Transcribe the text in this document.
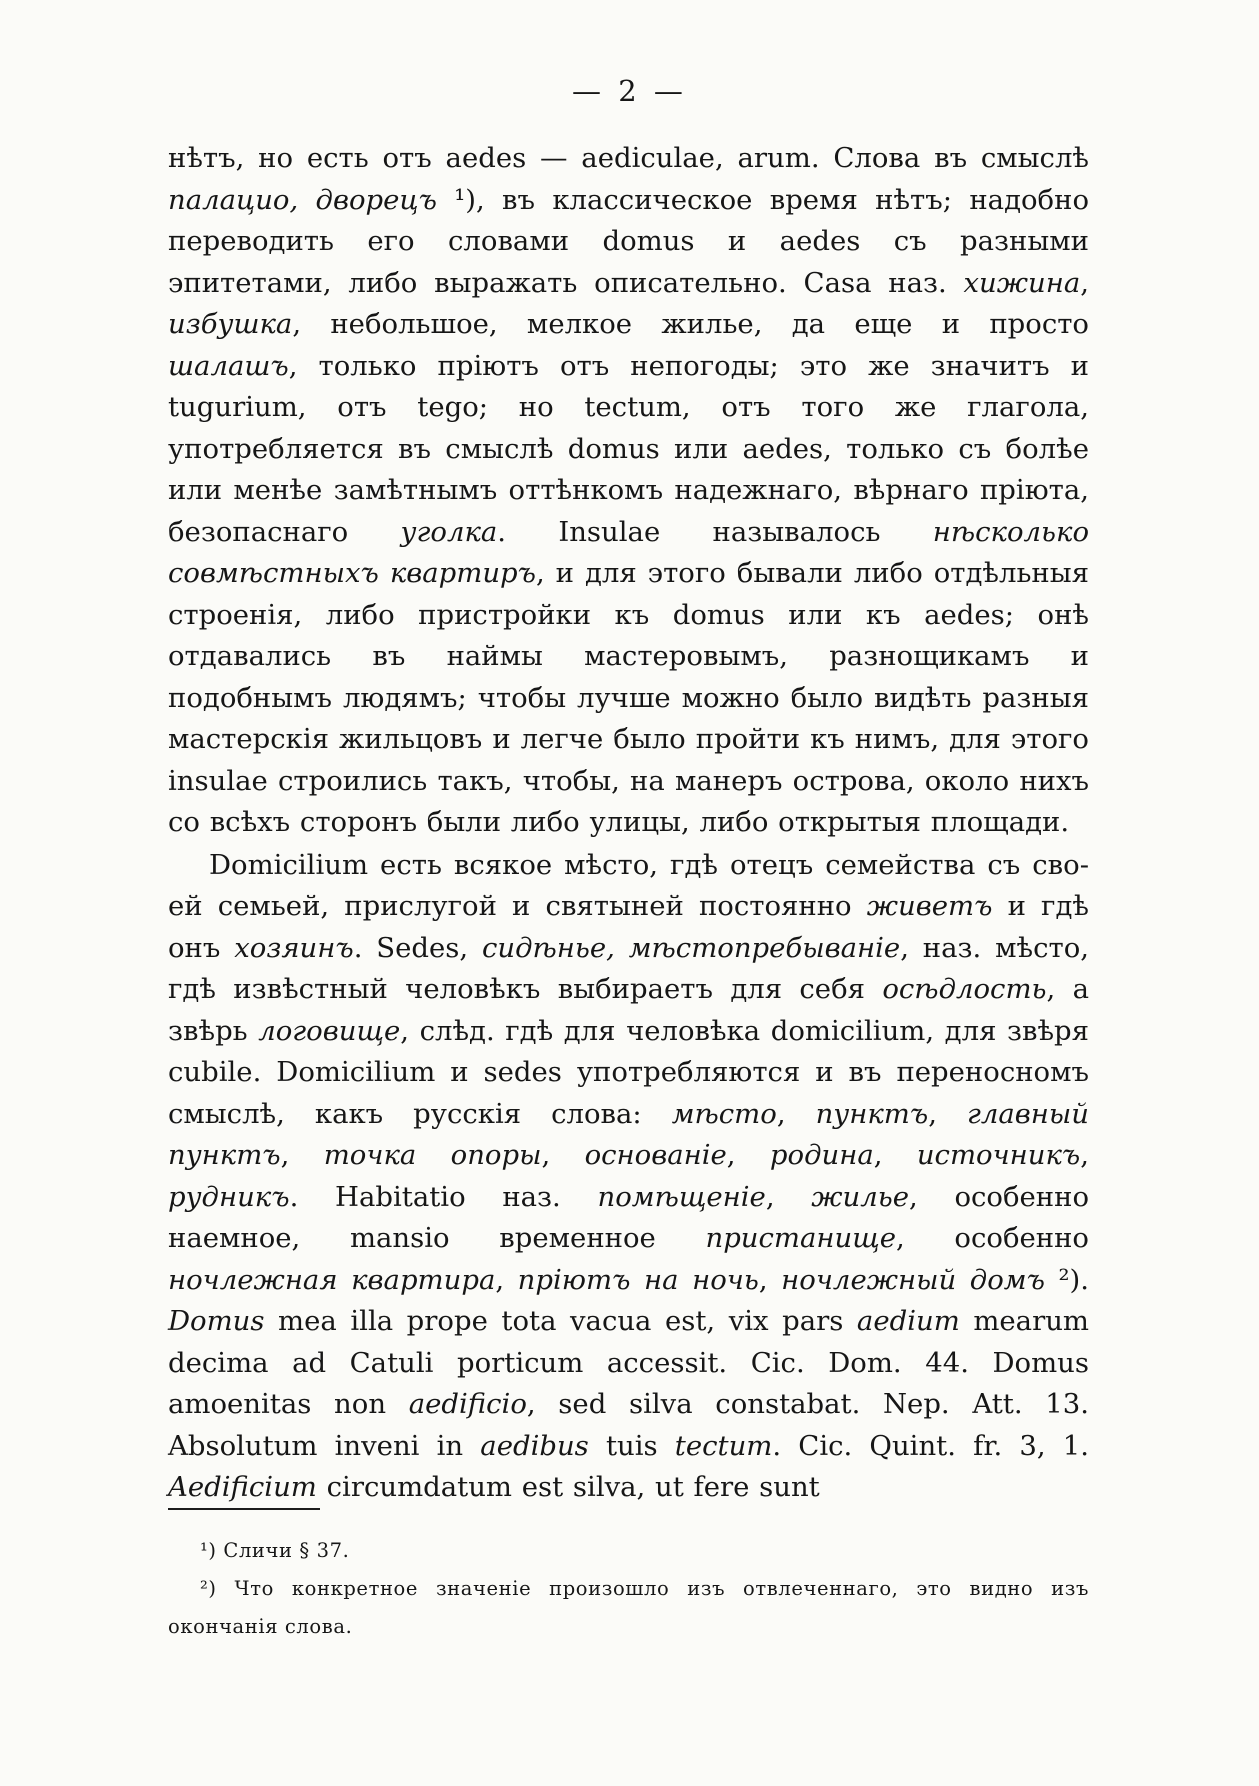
— 2 —

нѣтъ, но есть отъ aedes — aediculae, arum. Слова въ смыслѣ палацио, дворецъ ¹), въ классическое время нѣтъ; надобно переводить его словами domus и aedes съ разными эпитетами, либо выражать описательно. Casa наз. хижина, избушка, небольшое, мелкое жилье, да еще и просто шалашъ, только пріютъ отъ непогоды; это же значитъ и tugurium, отъ tego; но tectum, отъ того же глагола, употребляется въ смыслѣ domus или aedes, только съ болѣе или менѣе замѣтнымъ оттѣнкомъ надежнаго, вѣрнаго пріюта, безопаснаго уголка. Insulae называлось нѣсколько совмѣстныхъ квартиръ, и для этого бывали либо отдѣльныя строенія, либо пристройки къ domus или къ aedes; онѣ отдавались въ наймы мастеровымъ, разнощикамъ и подобнымъ людямъ; чтобы лучше можно было видѣть разныя мастерскія жильцовъ и легче было пройти къ нимъ, для этого insulae строились такъ, чтобы, на манеръ острова, около нихъ со всѣхъ сторонъ были либо улицы, либо открытыя площади.

Domicilium есть всякое мѣсто, гдѣ отецъ семейства съ своей семьей, прислугой и святыней постоянно живетъ и гдѣ онъ хозяинъ. Sedes, сидѣнье, мѣстопребываніе, наз. мѣсто, гдѣ извѣстный человѣкъ выбираетъ для себя осѣдлость, а звѣрь логовище, слѣд. гдѣ для человѣка domicilium, для звѣря cubile. Domicilium и sedes употребляются и въ переносномъ смыслѣ, какъ русскія слова: мѣсто, пунктъ, главный пунктъ, точка опоры, основаніе, родина, источникъ, рудникъ. Habitatio наз. помѣщеніе, жилье, особенно наемное, mansio временное пристанище, особенно ночлежная квартира, пріютъ на ночь, ночлежный домъ ²). Domus mea illa prope tota vacua est, vix pars aedium mearum decima ad Catuli porticum accessit. Cic. Dom. 44. Domus amoenitas non aedificio, sed silva constabat. Nep. Att. 13. Absolutum inveni in aedibus tuis tectum. Cic. Quint. fr. 3, 1. Aedificium circumdatum est silva, ut fere sunt

¹) Сличи § 37.

²) Что конкретное значеніе произошло изъ отвлеченнаго, это видно изъ окончанія слова.
